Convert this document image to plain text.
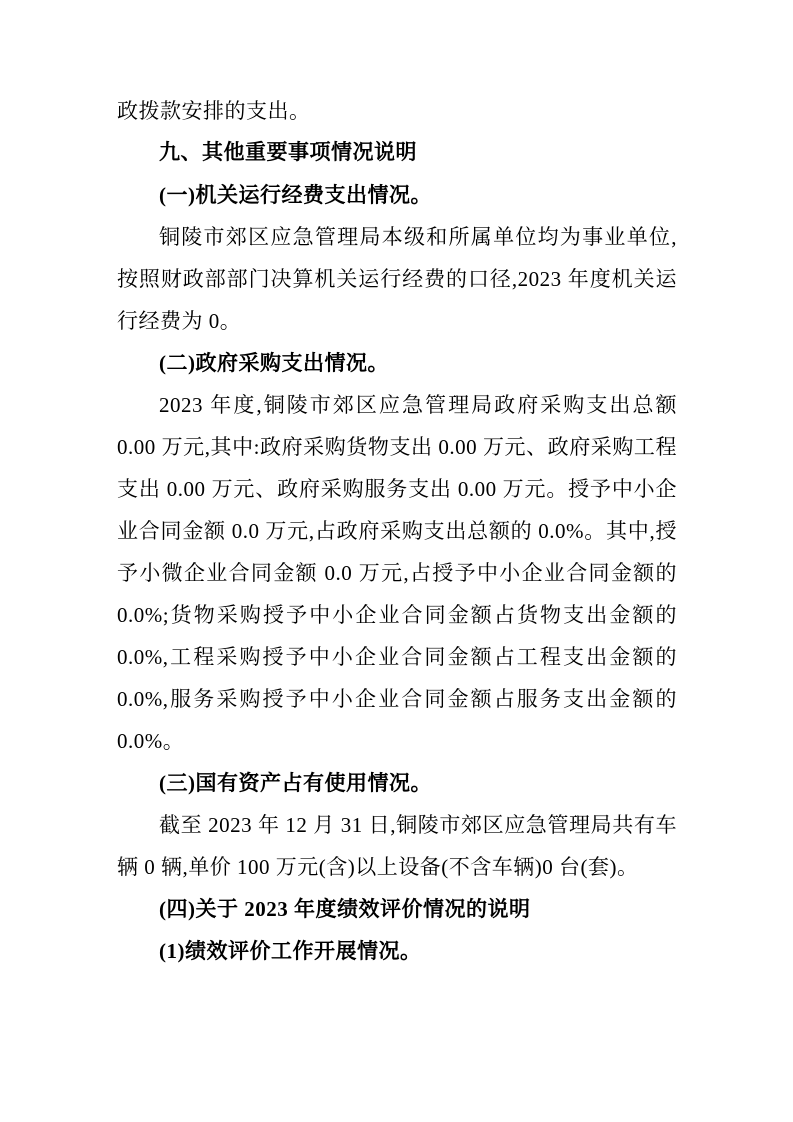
政拨款安排的支出。

九、其他重要事项情况说明

(一)机关运行经费支出情况。

铜陵市郊区应急管理局本级和所属单位均为事业单位,按照财政部部门决算机关运行经费的口径,2023 年度机关运行经费为 0。

(二)政府采购支出情况。

2023 年度,铜陵市郊区应急管理局政府采购支出总额 0.00 万元,其中:政府采购货物支出 0.00 万元、政府采购工程支出 0.00 万元、政府采购服务支出 0.00 万元。授予中小企业合同金额 0.0 万元,占政府采购支出总额的 0.0%。其中,授予小微企业合同金额 0.0 万元,占授予中小企业合同金额的 0.0%;货物采购授予中小企业合同金额占货物支出金额的 0.0%,工程采购授予中小企业合同金额占工程支出金额的 0.0%,服务采购授予中小企业合同金额占服务支出金额的 0.0%。

(三)国有资产占有使用情况。

截至 2023 年 12 月 31 日,铜陵市郊区应急管理局共有车辆 0 辆,单价 100 万元(含)以上设备(不含车辆)0 台(套)。

(四)关于 2023 年度绩效评价情况的说明

(1)绩效评价工作开展情况。
